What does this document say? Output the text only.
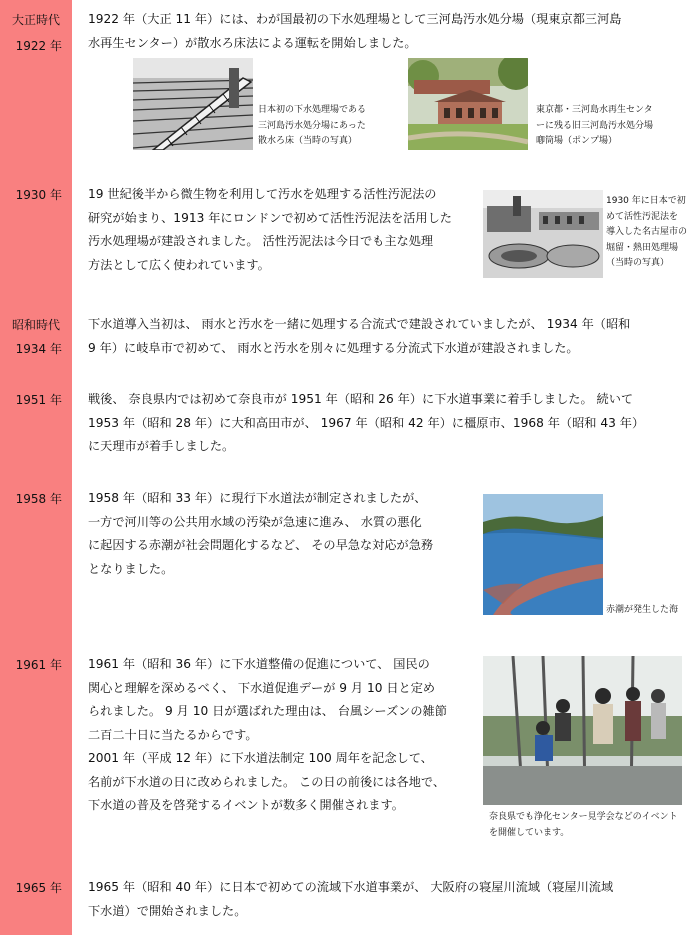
大正時代
昭和時代
1922 年
1930 年
1934 年
1951 年
1958 年
1961 年
1965 年

1922 年（大正 11 年）には、わが国最初の下水処理場として三河島汚水処分場（現東京都三河島

水再生センター）が散水ろ床法による運転を開始しました。

日本初の下水処理場である
三河島汚水処分場にあった
散水ろ床（当時の写真）
東京都・三河島水再生センタ
ーに残る旧三河島汚水処分場
喞筒場（ポンプ場）

19 世紀後半から微生物を利用して汚水を処理する活性汚泥法の

研究が始まり、1913 年にロンドンで初めて活性汚泥法を活用した

汚水処理場が建設されました。 活性汚泥法は今日でも主な処理

方法として広く使われています。

1930 年に日本で初
めて活性汚泥法を
導入した名古屋市の
堀留・熱田処理場
（当時の写真）

下水道導入当初は、 雨水と汚水を一緒に処理する合流式で建設されていましたが、 1934 年（昭和

9 年）に岐阜市で初めて、 雨水と汚水を別々に処理する分流式下水道が建設されました。

戦後、 奈良県内では初めて奈良市が 1951 年（昭和 26 年）に下水道事業に着手しました。 続いて

1953 年（昭和 28 年）に大和高田市が、 1967 年（昭和 42 年）に橿原市、1968 年（昭和 43 年）

に天理市が着手しました。

1958 年（昭和 33 年）に現行下水道法が制定されましたが、

一方で河川等の公共用水域の汚染が急速に進み、 水質の悪化

に起因する赤潮が社会問題化するなど、 その早急な対応が急務

となりました。

赤潮が発生した海

1961 年（昭和 36 年）に下水道整備の促進について、 国民の

関心と理解を深めるべく、 下水道促進デーが 9 月 10 日と定め

られました。 9 月 10 日が選ばれた理由は、 台風シーズンの雑節

二百二十日に当たるからです。

2001 年（平成 12 年）に下水道法制定 100 周年を記念して、

名前が下水道の日に改められました。 この日の前後には各地で、

下水道の普及を啓発するイベントが数多く開催されます。

奈良県でも浄化センター見学会などのイベント
を開催しています。

1965 年（昭和 40 年）に日本で初めての流域下水道事業が、 大阪府の寝屋川流域（寝屋川流域

下水道）で開始されました。
